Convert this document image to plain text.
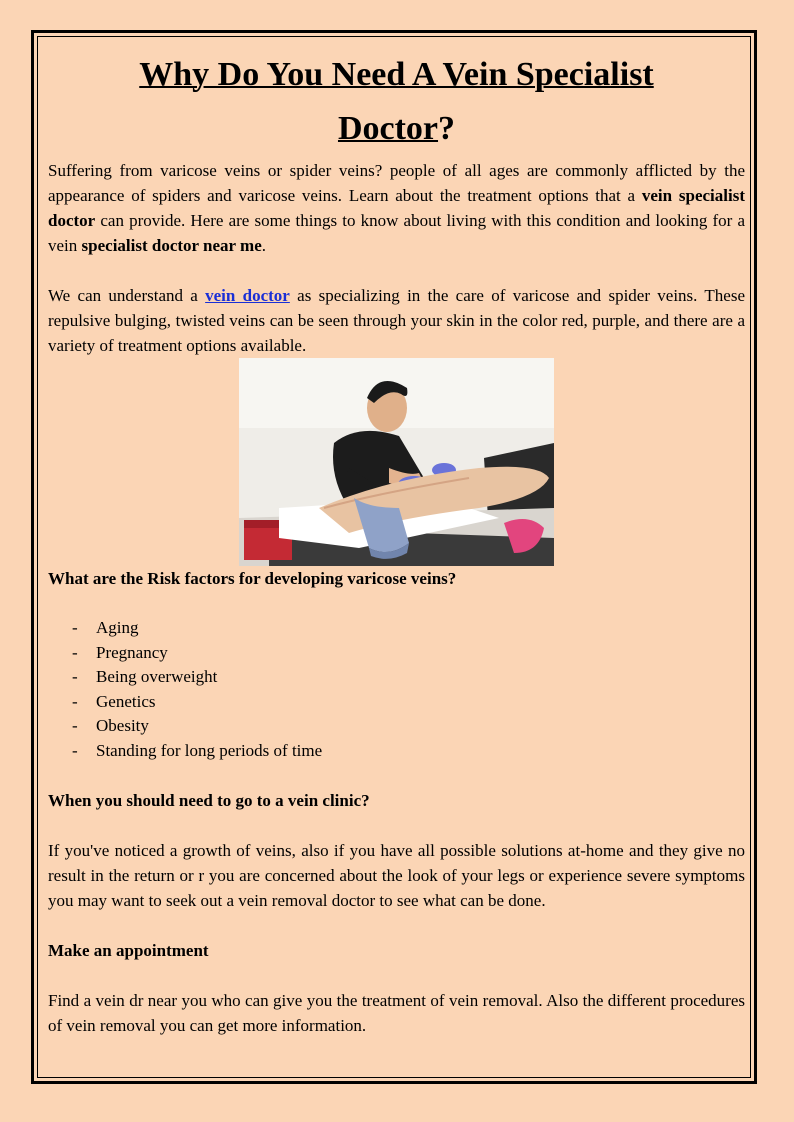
Why Do You Need A Vein Specialist
Doctor?

Suffering from varicose veins or spider veins? people of all ages are commonly afflicted by the appearance of spiders and varicose veins. Learn about the treatment options that a vein specialist doctor can provide. Here are some things to know about living with this condition and looking for a vein specialist doctor near me.

We can understand a vein doctor as specializing in the care of varicose and spider veins. These repulsive bulging, twisted veins can be seen through your skin in the color red, purple, and there are a variety of treatment options available.

What are the Risk factors for developing varicose veins?

- Aging
- Pregnancy
- Being overweight
- Genetics
- Obesity
- Standing for long periods of time

When you should need to go to a vein clinic?

If you've noticed a growth of veins, also if you have all possible solutions at-home and they give no result in the return or r you are concerned about the look of your legs or experience severe symptoms you may want to seek out a vein removal doctor to see what can be done.

Make an appointment

Find a vein dr near you who can give you the treatment of vein removal. Also the different procedures of vein removal you can get more information.
